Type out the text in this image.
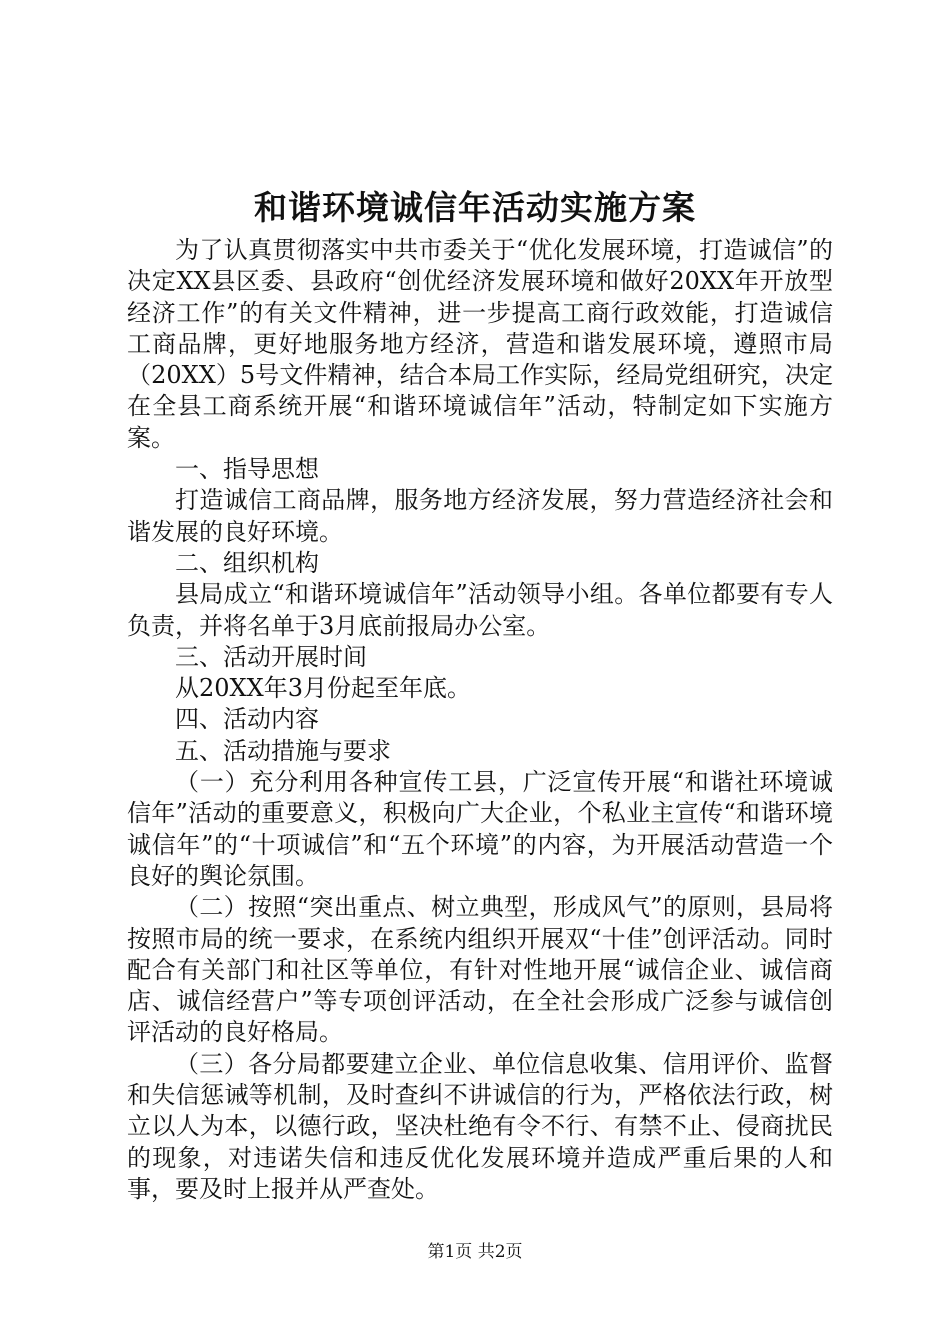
和谐环境诚信年活动实施方案

为了认真贯彻落实中共市委关于“优化发展环境，打造诚信”的决定XX县区委、县政府“创优经济发展环境和做好20XX年开放型经济工作”的有关文件精神，进一步提高工商行政效能，打造诚信工商品牌，更好地服务地方经济，营造和谐发展环境，遵照市局（20XX）5号文件精神，结合本局工作实际，经局党组研究，决定在全县工商系统开展“和谐环境诚信年”活动，特制定如下实施方案。

一、指导思想

打造诚信工商品牌，服务地方经济发展，努力营造经济社会和谐发展的良好环境。

二、组织机构

县局成立“和谐环境诚信年”活动领导小组。各单位都要有专人负责，并将名单于3月底前报局办公室。

三、活动开展时间

从20XX年3月份起至年底。

四、活动内容

五、活动措施与要求

（一）充分利用各种宣传工县，广泛宣传开展“和谐社环境诚信年”活动的重要意义，积极向广大企业，个私业主宣传“和谐环境诚信年”的“十项诚信”和“五个环境”的内容，为开展活动营造一个良好的舆论氛围。

（二）按照“突出重点、树立典型，形成风气”的原则，县局将按照市局的统一要求，在系统内组织开展双“十佳”创评活动。同时配合有关部门和社区等单位，有针对性地开展“诚信企业、诚信商店、诚信经营户”等专项创评活动，在全社会形成广泛参与诚信创评活动的良好格局。

（三）各分局都要建立企业、单位信息收集、信用评价、监督和失信惩诫等机制，及时查纠不讲诚信的行为，严格依法行政，树立以人为本，以德行政，坚决杜绝有令不行、有禁不止、侵商扰民的现象，对违诺失信和违反优化发展环境并造成严重后果的人和事，要及时上报并从严查处。

第1页 共2页
